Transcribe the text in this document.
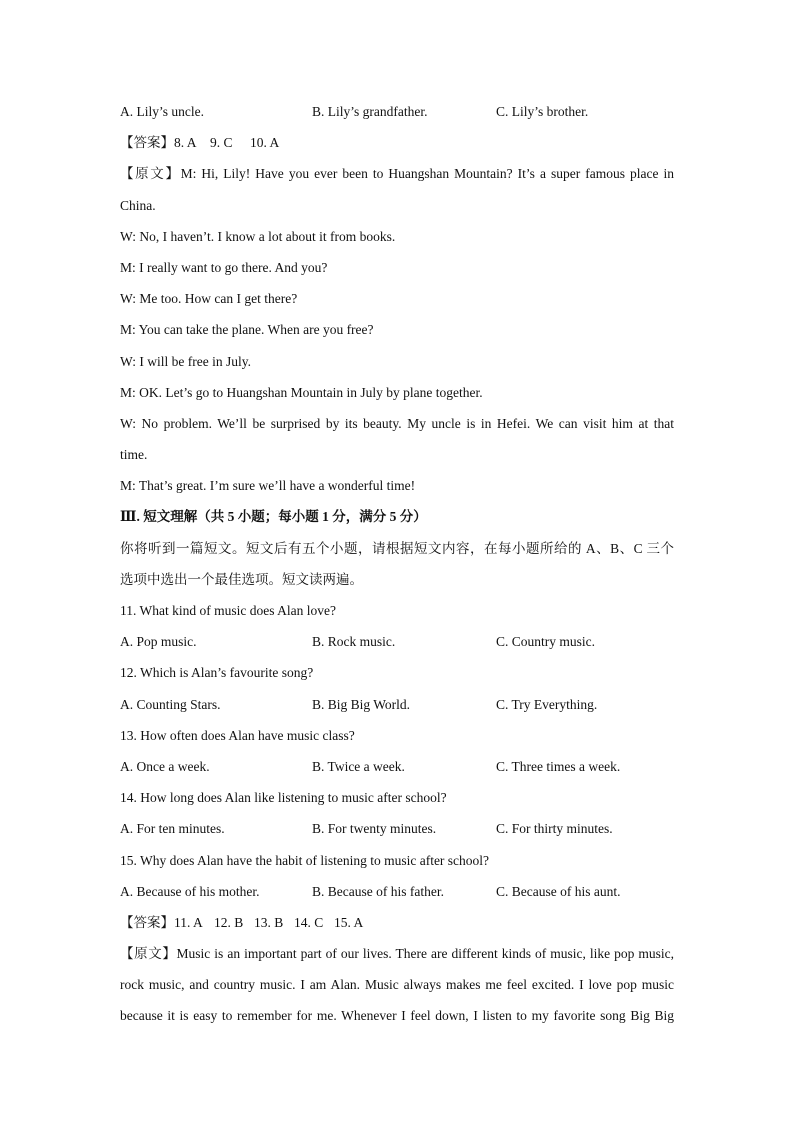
A. Lily’s uncle.	B. Lily’s grandfather.	C. Lily’s brother.
【答案】8. A 9. C 10. A
【原文】M: Hi, Lily! Have you ever been to Huangshan Mountain? It’s a super famous place in
China.
W: No, I haven’t. I know a lot about it from books.
M: I really want to go there. And you?
W: Me too. How can I get there?
M: You can take the plane. When are you free?
W: I will be free in July.
M: OK. Let’s go to Huangshan Mountain in July by plane together.
W: No problem. We’ll be surprised by its beauty. My uncle is in Hefei. We can visit him at that
time.
M: That’s great. I’m sure we’ll have a wonderful time!
Ⅲ. 短文理解（共 5 小题；每小题 1 分，满分 5 分）
你将听到一篇短文。短文后有五个小题，请根据短文内容，在每小题所给的 A、B、C 三个
选项中选出一个最佳选项。短文读两遍。
11. What kind of music does Alan love?
A. Pop music.	B. Rock music.	C. Country music.
12. Which is Alan’s favourite song?
A. Counting Stars.	B. Big Big World.	C. Try Everything.
13. How often does Alan have music class?
A. Once a week.	B. Twice a week.	C. Three times a week.
14. How long does Alan like listening to music after school?
A. For ten minutes.	B. For twenty minutes.	C. For thirty minutes.
15. Why does Alan have the habit of listening to music after school?
A. Because of his mother.	B. Because of his father.	C. Because of his aunt.
【答案】11. A 12. B 13. B 14. C 15. A
【原文】Music is an important part of our lives. There are different kinds of music, like pop music,
rock music, and country music. I am Alan. Music always makes me feel excited. I love pop music
because it is easy to remember for me. Whenever I feel down, I listen to my favorite song Big Big
